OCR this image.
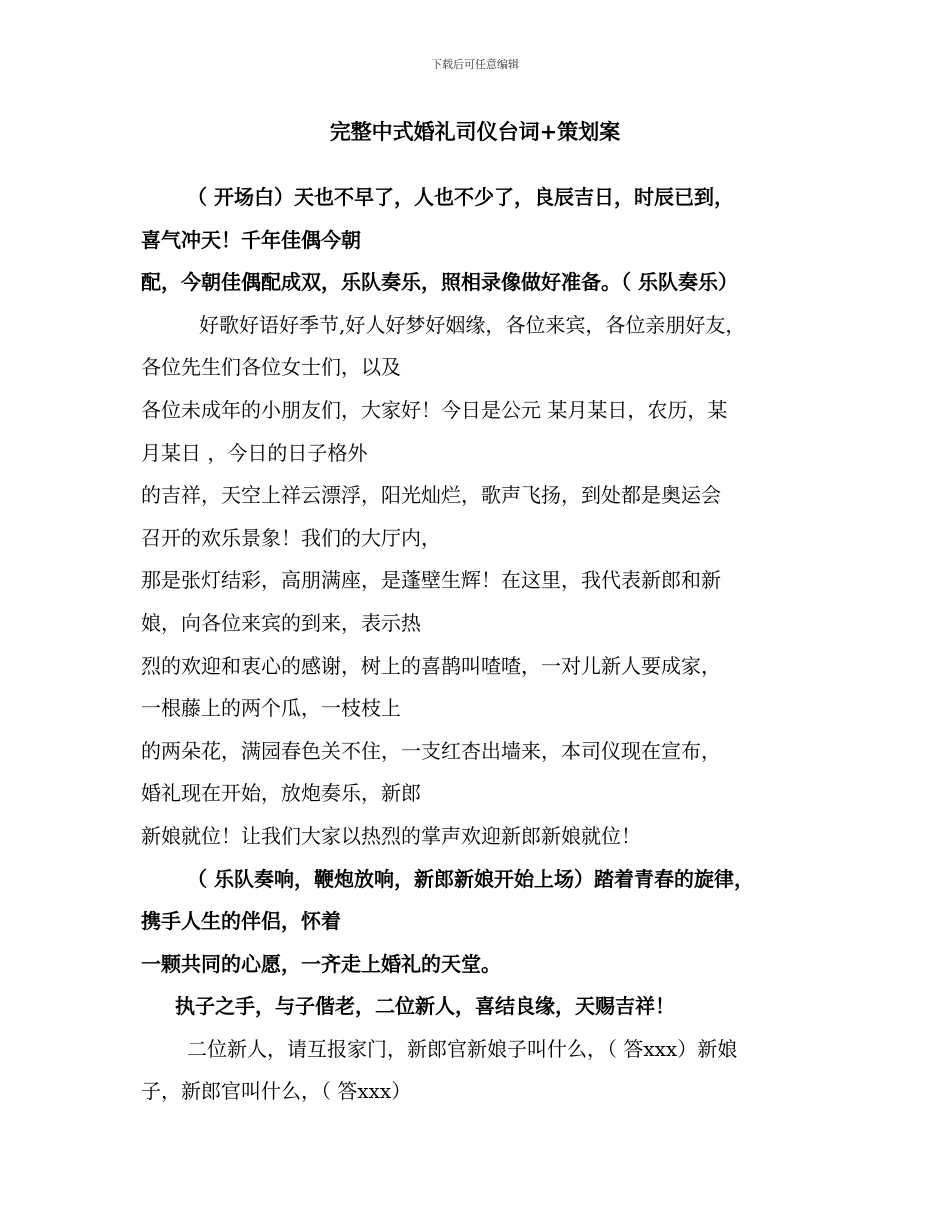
下载后可任意编辑
完整中式婚礼司仪台词+策划案
（ 开场白）天也不早了，人也不少了，良辰吉日，时辰已到，
喜气冲天！千年佳偶今朝
配，今朝佳偶配成双，乐队奏乐，照相录像做好准备。（ 乐队奏乐）
好歌好语好季节,好人好梦好姻缘，各位来宾，各位亲朋好友，
各位先生们各位女士们，以及
各位未成年的小朋友们，大家好！今日是公元 某月某日，农历，某
月某日 ，今日的日子格外
的吉祥，天空上祥云漂浮，阳光灿烂，歌声飞扬，到处都是奥运会
召开的欢乐景象！我们的大厅内，
那是张灯结彩，高朋满座，是蓬壁生辉！在这里，我代表新郎和新
娘，向各位来宾的到来，表示热
烈的欢迎和衷心的感谢，树上的喜鹊叫喳喳，一对儿新人要成家，
一根藤上的两个瓜，一枝枝上
的两朵花，满园春色关不住，一支红杏出墙来，本司仪现在宣布，
婚礼现在开始，放炮奏乐，新郎
新娘就位！让我们大家以热烈的掌声欢迎新郎新娘就位！
（ 乐队奏响，鞭炮放响，新郎新娘开始上场）踏着青春的旋律，
携手人生的伴侣，怀着
一颗共同的心愿，一齐走上婚礼的天堂。
执子之手，与子偕老，二位新人，喜结良缘，天赐吉祥！
二位新人，请互报家门，新郎官新娘子叫什么，（ 答xxx）新娘
子，新郎官叫什么，（ 答xxx）
